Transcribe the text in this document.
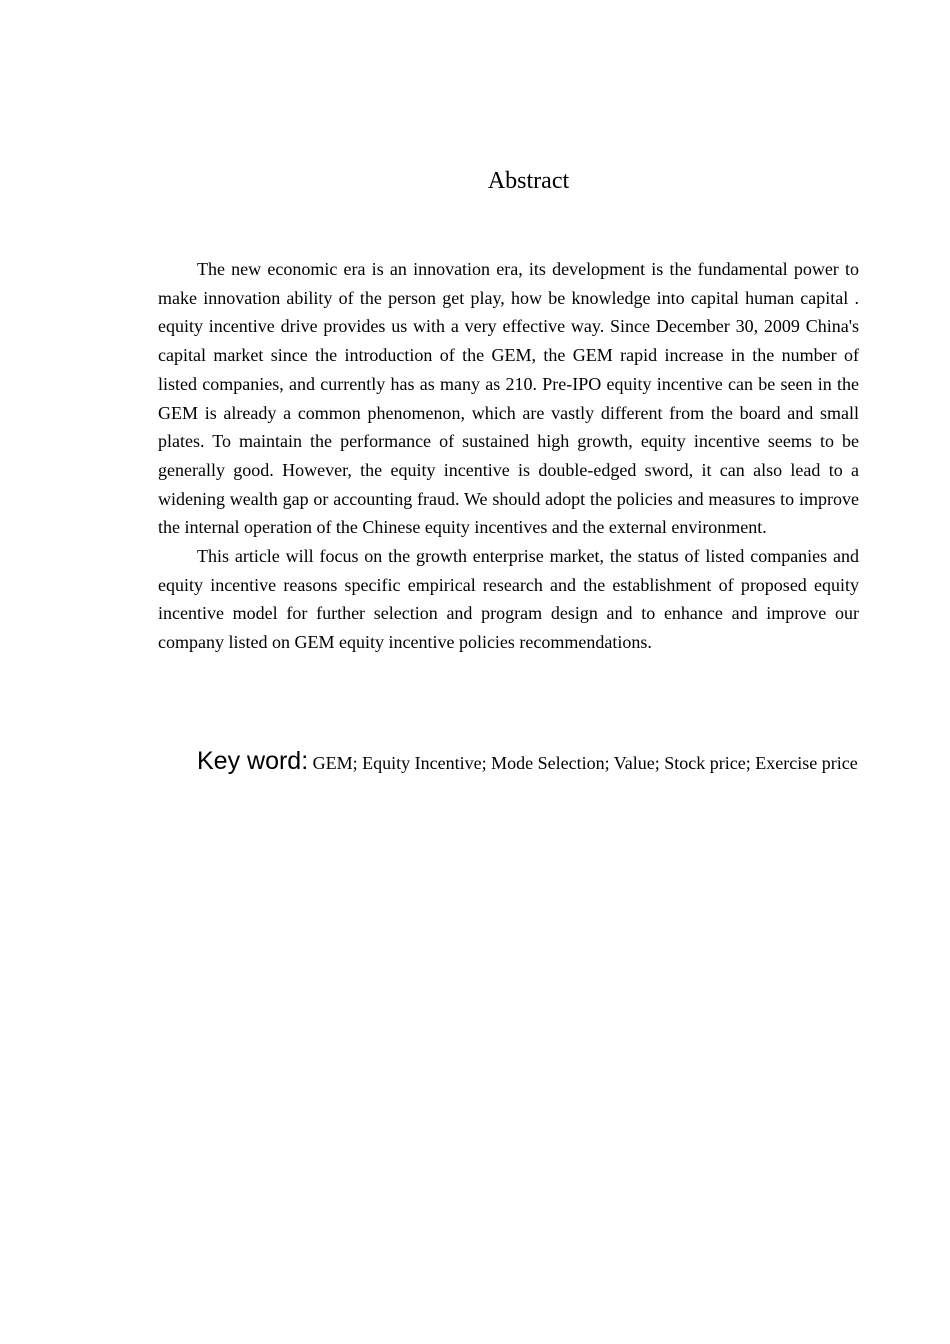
Abstract

The new economic era is an innovation era, its development is the fundamental power to make innovation ability of the person get play, how be knowledge into capital human capital . equity incentive drive provides us with a very effective way. Since December 30, 2009 China's capital market since the introduction of the GEM, the GEM rapid increase in the number of listed companies, and currently has as many as 210. Pre-IPO equity incentive can be seen in the GEM is already a common phenomenon, which are vastly different from the board and small plates. To maintain the performance of sustained high growth, equity incentive seems to be generally good. However, the equity incentive is double-edged sword, it can also lead to a widening wealth gap or accounting fraud. We should adopt the policies and measures to improve the internal operation of the Chinese equity incentives and the external environment.

This article will focus on the growth enterprise market, the status of listed companies and equity incentive reasons specific empirical research and the establishment of proposed equity incentive model for further selection and program design and to enhance and improve our company listed on GEM equity incentive policies recommendations.

Key word: GEM; Equity Incentive; Mode Selection; Value; Stock price; Exercise price
